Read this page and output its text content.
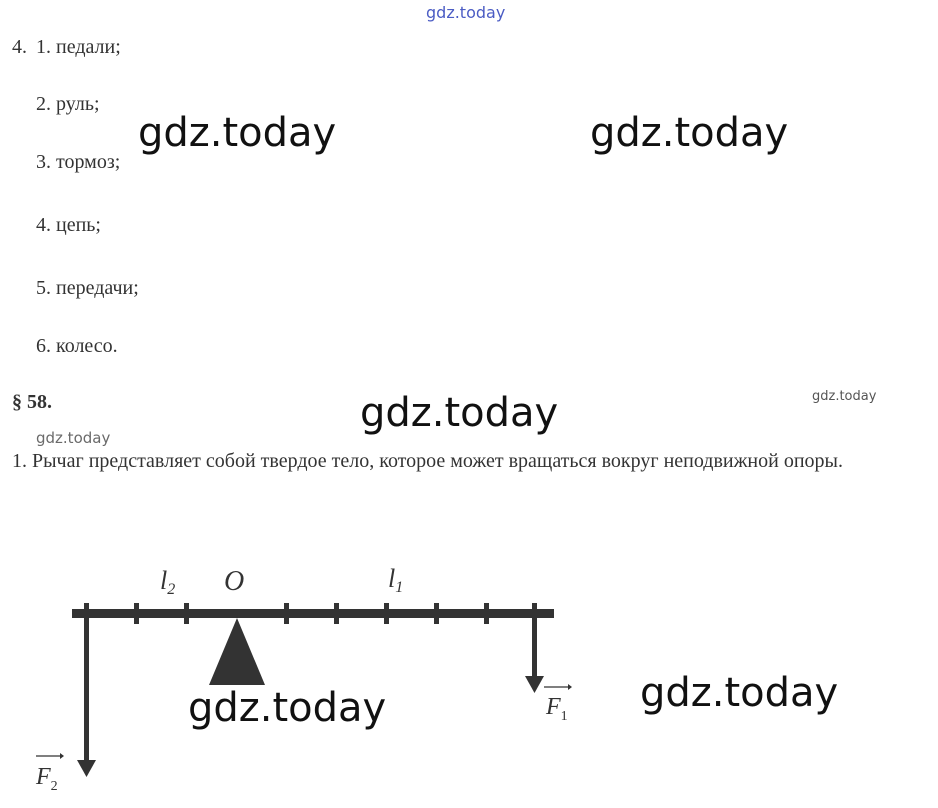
gdz.today
4. 1. педали;
2. руль;
3. тормоз;
4. цепь;
5. передачи;
6. колесо.
gdz.today	gdz.today
§ 58.	gdz.today	gdz.today
gdz.today
1. Рычаг представляет собой твердое тело, которое может вращаться вокруг неподвижной опоры.
l2 O	l1
$F_1$
$F_2$
gdz.today	gdz.today
